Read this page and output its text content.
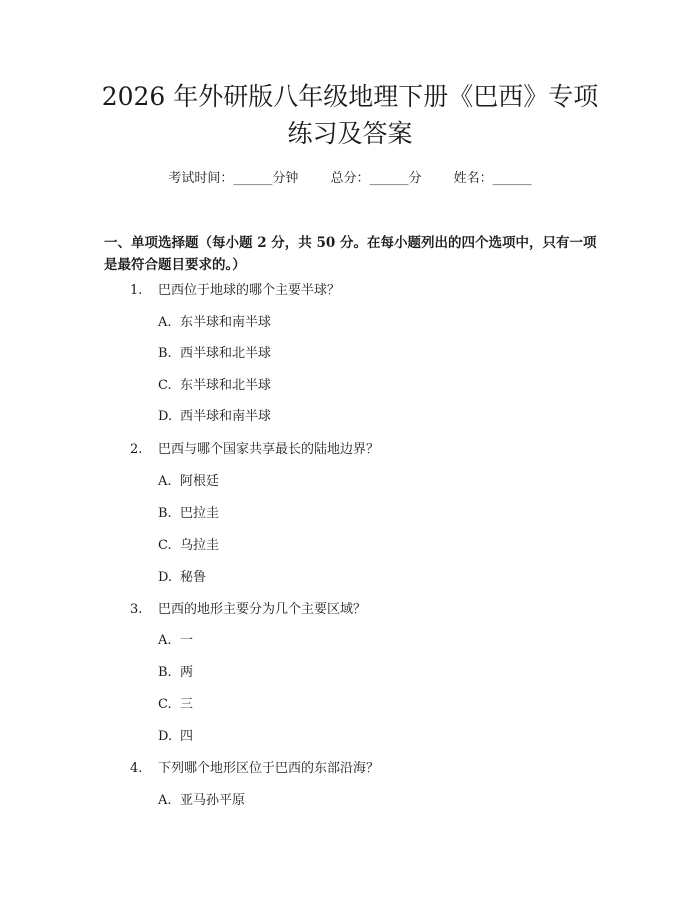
2026 年外研版八年级地理下册《巴西》专项
练习及答案
考试时间：______分钟 总分：______分 姓名：______

一、单项选择题（每小题 2 分，共 50 分。在每小题列出的四个选项中，只有一项是最符合题目要求的。）

1. 巴西位于地球的哪个主要半球？
A. 东半球和南半球
B. 西半球和北半球
C. 东半球和北半球
D. 西半球和南半球
2. 巴西与哪个国家共享最长的陆地边界？
A. 阿根廷
B. 巴拉圭
C. 乌拉圭
D. 秘鲁
3. 巴西的地形主要分为几个主要区域？
A. 一
B. 两
C. 三
D. 四
4. 下列哪个地形区位于巴西的东部沿海？
A. 亚马孙平原
